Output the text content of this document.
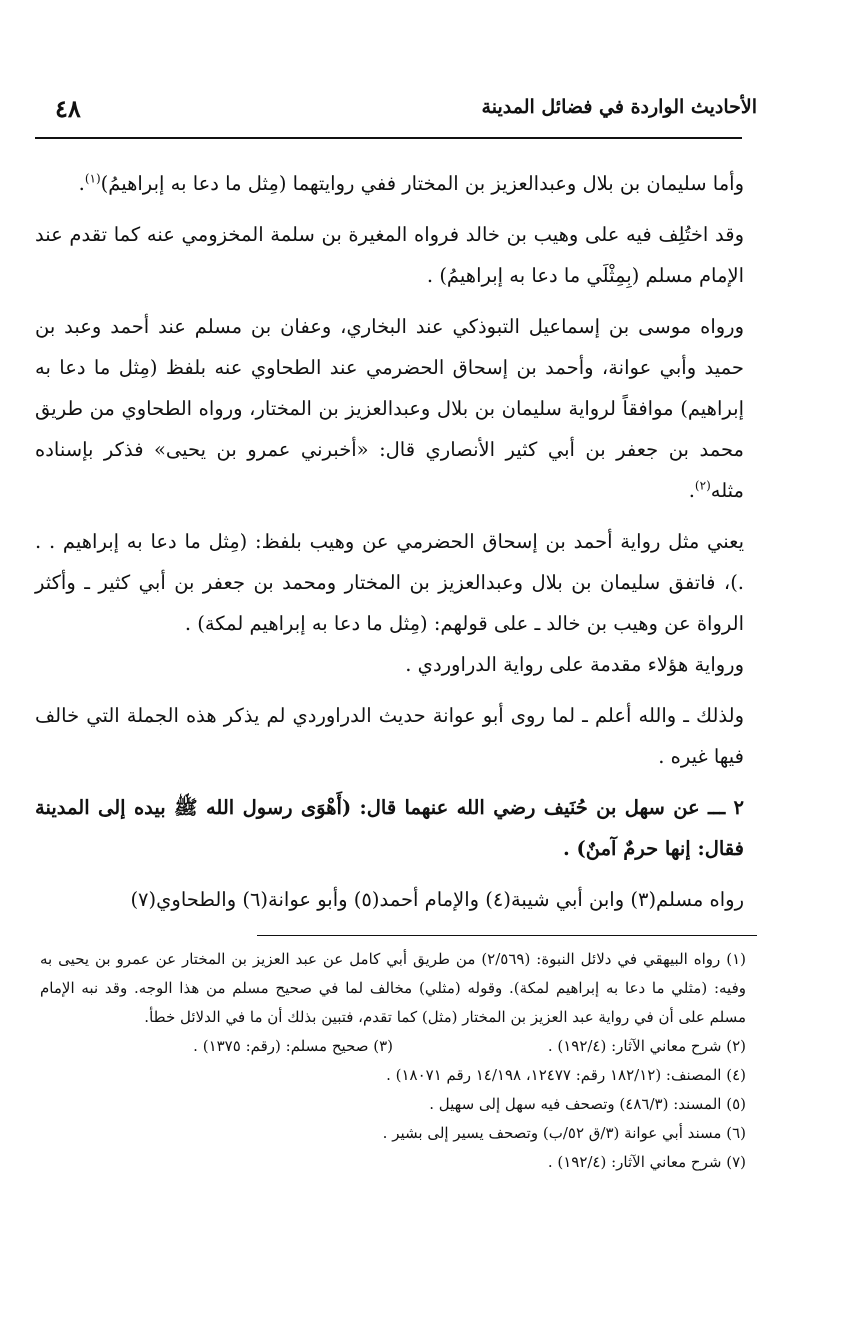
٤٨	الأحاديث الواردة في فضائل المدينة

وأما سليمان بن بلال وعبدالعزيز بن المختار ففي روايتهما (مِثل ما دعا به إبراهيمُ)$^{(١)}$.

وقد اختُلِف فيه على وهيب بن خالد فرواه المغيرة بن سلمة المخزومي عنه كما تقدم عند الإمام مسلم (بِمِثْلَي ما دعا به إبراهيمُ) .

ورواه موسى بن إسماعيل التبوذكي عند البخاري، وعفان بن مسلم عند أحمد وعبد بن حميد وأبي عوانة، وأحمد بن إسحاق الحضرمي عند الطحاوي عنه بلفظ (مِثل ما دعا به إبراهيم) موافقاً لرواية سليمان بن بلال وعبدالعزيز بن المختار، ورواه الطحاوي من طريق محمد بن جعفر بن أبي كثير الأنصاري قال: «أخبرني عمرو بن يحيى» فذكر بإسناده مثله$^{(٢)}$.

يعني مثل رواية أحمد بن إسحاق الحضرمي عن وهيب بلفظ: (مِثل ما دعا به إبراهيم . . .)، فاتفق سليمان بن بلال وعبدالعزيز بن المختار ومحمد بن جعفر بن أبي كثير ـ وأكثر الرواة عن وهيب بن خالد ـ على قولهم: (مِثل ما دعا به إبراهيم لمكة) .

ورواية هؤلاء مقدمة على رواية الدراوردي .

ولذلك ـ والله أعلم ـ لما روى أبو عوانة حديث الدراوردي لم يذكر هذه الجملة التي خالف فيها غيره .

٢ ـــ عن سهل بن حُنَيف رضي الله عنهما قال: (أَهْوَى رسول الله ﷺ بيده إلى المدينة فقال: إنها حرمٌ آمنٌ) .

رواه مسلم(٣) وابن أبي شيبة(٤) والإمام أحمد(٥) وأبو عوانة(٦) والطحاوي(٧)

(١) رواه البيهقي في دلائل النبوة: (٢/٥٦٩) من طريق أبي كامل عن عبد العزيز بن المختار عن عمرو بن يحيى به وفيه: (مثلي ما دعا به إبراهيم لمكة). وقوله (مثلي) مخالف لما في صحيح مسلم من هذا الوجه. وقد نبه الإمام مسلم على أن في رواية عبد العزيز بن المختار (مثل) كما تقدم، فتبين بذلك أن ما في الدلائل خطأ.

(٢) شرح معاني الآثار: (١٩٢/٤) .

(٣) صحيح مسلم: (رقم: ١٣٧٥) .

(٤) المصنف: (١٨٢/١٢ رقم: ١٢٤٧٧، ١٤/١٩٨ رقم ١٨٠٧١) .

(٥) المسند: (٤٨٦/٣) وتصحف فيه سهل إلى سهيل .

(٦) مسند أبي عوانة (٣/ق ٥٢/ب) وتصحف يسير إلى بشير .

(٧) شرح معاني الآثار: (١٩٢/٤) .
